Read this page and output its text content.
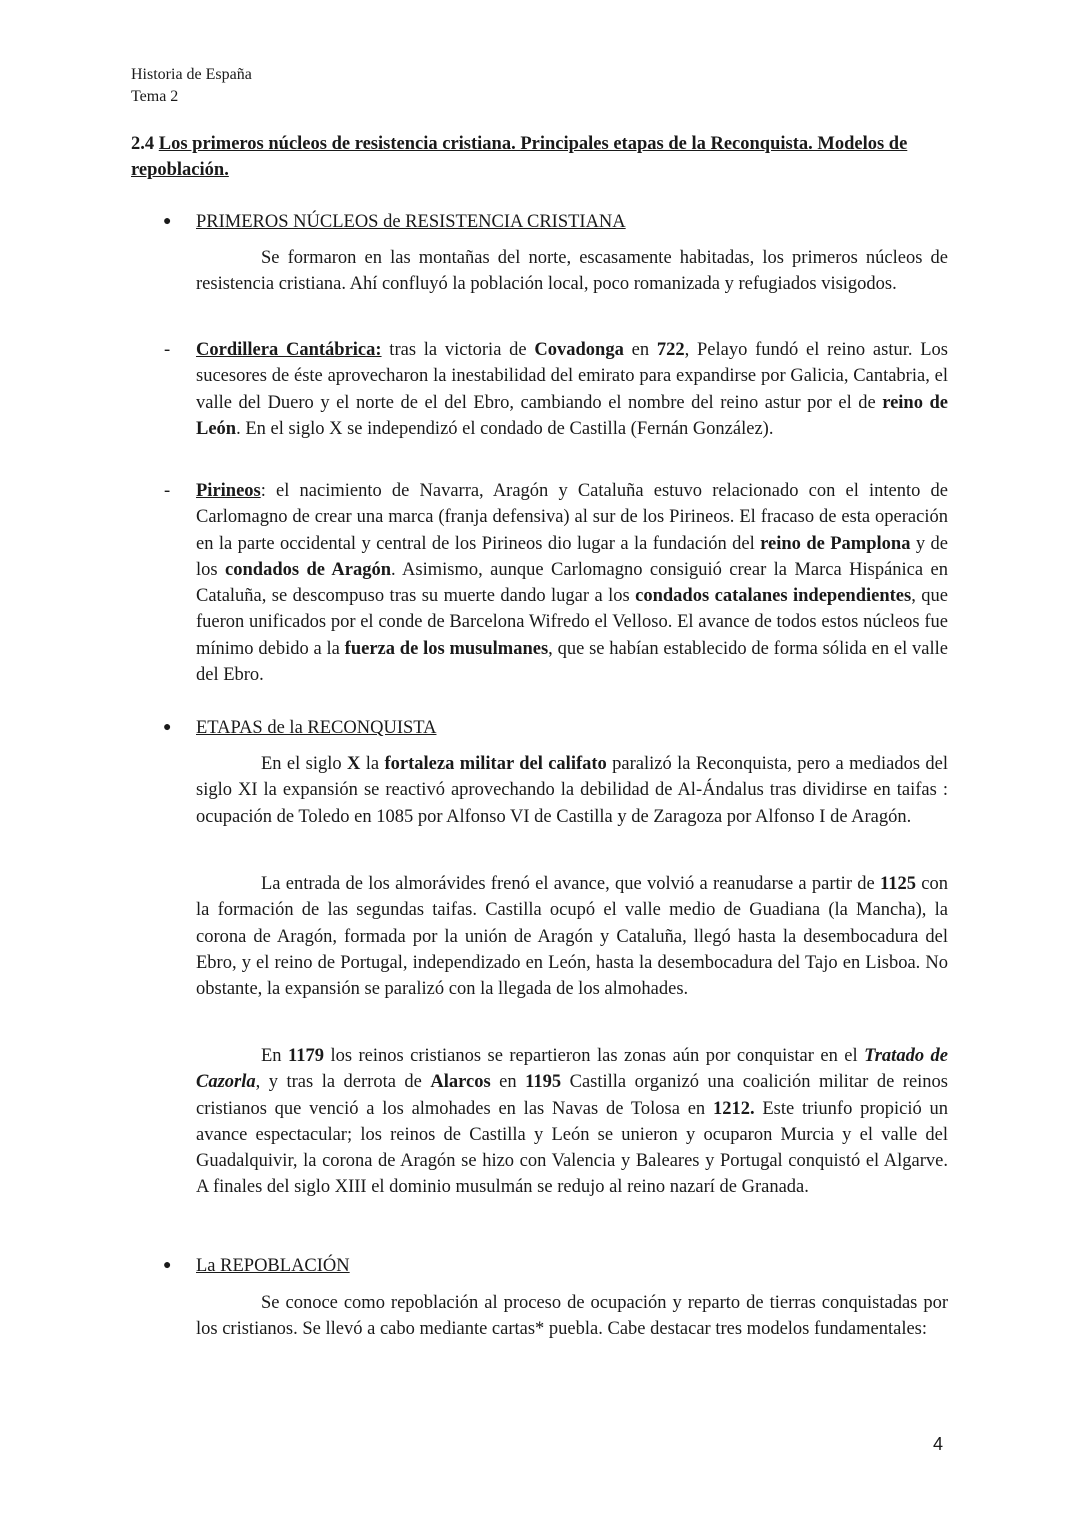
Historia de España
Tema 2
2.4 Los primeros núcleos de resistencia cristiana. Principales etapas de la Reconquista. Modelos de repoblación.
● PRIMEROS NÚCLEOS de RESISTENCIA CRISTIANA

Se formaron en las montañas del norte, escasamente habitadas, los primeros núcleos de resistencia cristiana. Ahí confluyó la población local, poco romanizada y refugiados visigodos.

- Cordillera Cantábrica: tras la victoria de Covadonga en 722, Pelayo fundó el reino astur. Los sucesores de éste aprovecharon la inestabilidad del emirato para expandirse por Galicia, Cantabria, el valle del Duero y el norte de el del Ebro, cambiando el nombre del reino astur por el de reino de León. En el siglo X se independizó el condado de Castilla (Fernán González).

- Pirineos: el nacimiento de Navarra, Aragón y Cataluña estuvo relacionado con el intento de Carlomagno de crear una marca (franja defensiva) al sur de los Pirineos. El fracaso de esta operación en la parte occidental y central de los Pirineos dio lugar a la fundación del reino de Pamplona y de los condados de Aragón. Asimismo, aunque Carlomagno consiguió crear la Marca Hispánica en Cataluña, se descompuso tras su muerte dando lugar a los condados catalanes independientes, que fueron unificados por el conde de Barcelona Wifredo el Velloso. El avance de todos estos núcleos fue mínimo debido a la fuerza de los musulmanes, que se habían establecido de forma sólida en el valle del Ebro.

● ETAPAS de la RECONQUISTA

En el siglo X la fortaleza militar del califato paralizó la Reconquista, pero a mediados del siglo XI la expansión se reactivó aprovechando la debilidad de Al-Ándalus tras dividirse en taifas : ocupación de Toledo en 1085 por Alfonso VI de Castilla y de Zaragoza por Alfonso I de Aragón.

La entrada de los almorávides frenó el avance, que volvió a reanudarse a partir de 1125 con la formación de las segundas taifas. Castilla ocupó el valle medio de Guadiana (la Mancha), la corona de Aragón, formada por la unión de Aragón y Cataluña, llegó hasta la desembocadura del Ebro, y el reino de Portugal, independizado en León, hasta la desembocadura del Tajo en Lisboa. No obstante, la expansión se paralizó con la llegada de los almohades.

En 1179 los reinos cristianos se repartieron las zonas aún por conquistar en el Tratado de Cazorla, y tras la derrota de Alarcos en 1195 Castilla organizó una coalición militar de reinos cristianos que venció a los almohades en las Navas de Tolosa en 1212. Este triunfo propició un avance espectacular; los reinos de Castilla y León se unieron y ocuparon Murcia y el valle del Guadalquivir, la corona de Aragón se hizo con Valencia y Baleares y Portugal conquistó el Algarve. A finales del siglo XIII el dominio musulmán se redujo al reino nazarí de Granada.

● La REPOBLACIÓN

Se conoce como repoblación al proceso de ocupación y reparto de tierras conquistadas por los cristianos. Se llevó a cabo mediante cartas* puebla. Cabe destacar tres modelos fundamentales:

4
